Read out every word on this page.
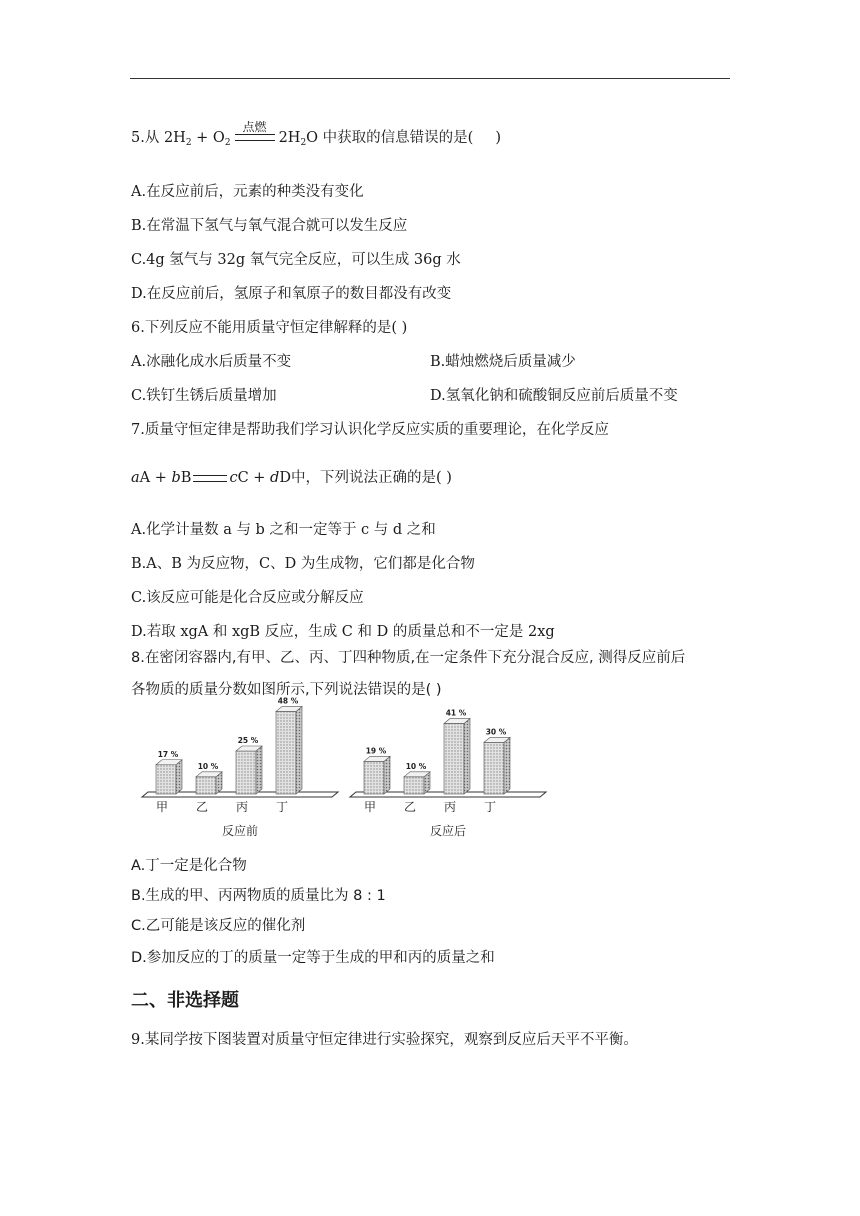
5.从 $2H_2 + O_2$
点燃
$2H_2O$ 中获取的信息错误的是( )
A.在反应前后，元素的种类没有变化
B.在常温下氢气与氧气混合就可以发生反应
C.4g 氢气与 32g 氧气完全反应，可以生成 36g 水
D.在反应前后，氢原子和氧原子的数目都没有改变
6.下列反应不能用质量守恒定律解释的是( )
A.冰融化成水后质量不变	B.蜡烛燃烧后质量减少
C.铁钉生锈后质量增加	D.氢氧化钠和硫酸铜反应前后质量不变
7.质量守恒定律是帮助我们学习认识化学反应实质的重要理论，在化学反应
aA + bB	cC + dD中，下列说法正确的是( )
A.化学计量数 a 与 b 之和一定等于 c 与 d 之和
B.A、B 为反应物，C、D 为生成物，它们都是化合物
C.该反应可能是化合反应或分解反应
D.若取 xgA 和 xgB 反应，生成 C 和 D 的质量总和不一定是 2xg
8.在密闭容器内,有甲、乙、丙、丁四种物质,在一定条件下充分混合反应, 测得反应前后
各物质的质量分数如图所示,下列说法错误的是( )
17 %
甲
10 %
乙
25 %
丙
48 %
丁
反应前
19 %
甲
10 %
乙
41 %
丙
30 %
丁
反应后
A.丁一定是化合物
B.生成的甲、丙两物质的质量比为 8 : 1
C.乙可能是该反应的催化剂
D.参加反应的丁的质量一定等于生成的甲和丙的质量之和
二、非选择题
9.某同学按下图装置对质量守恒定律进行实验探究，观察到反应后天平不平衡。
